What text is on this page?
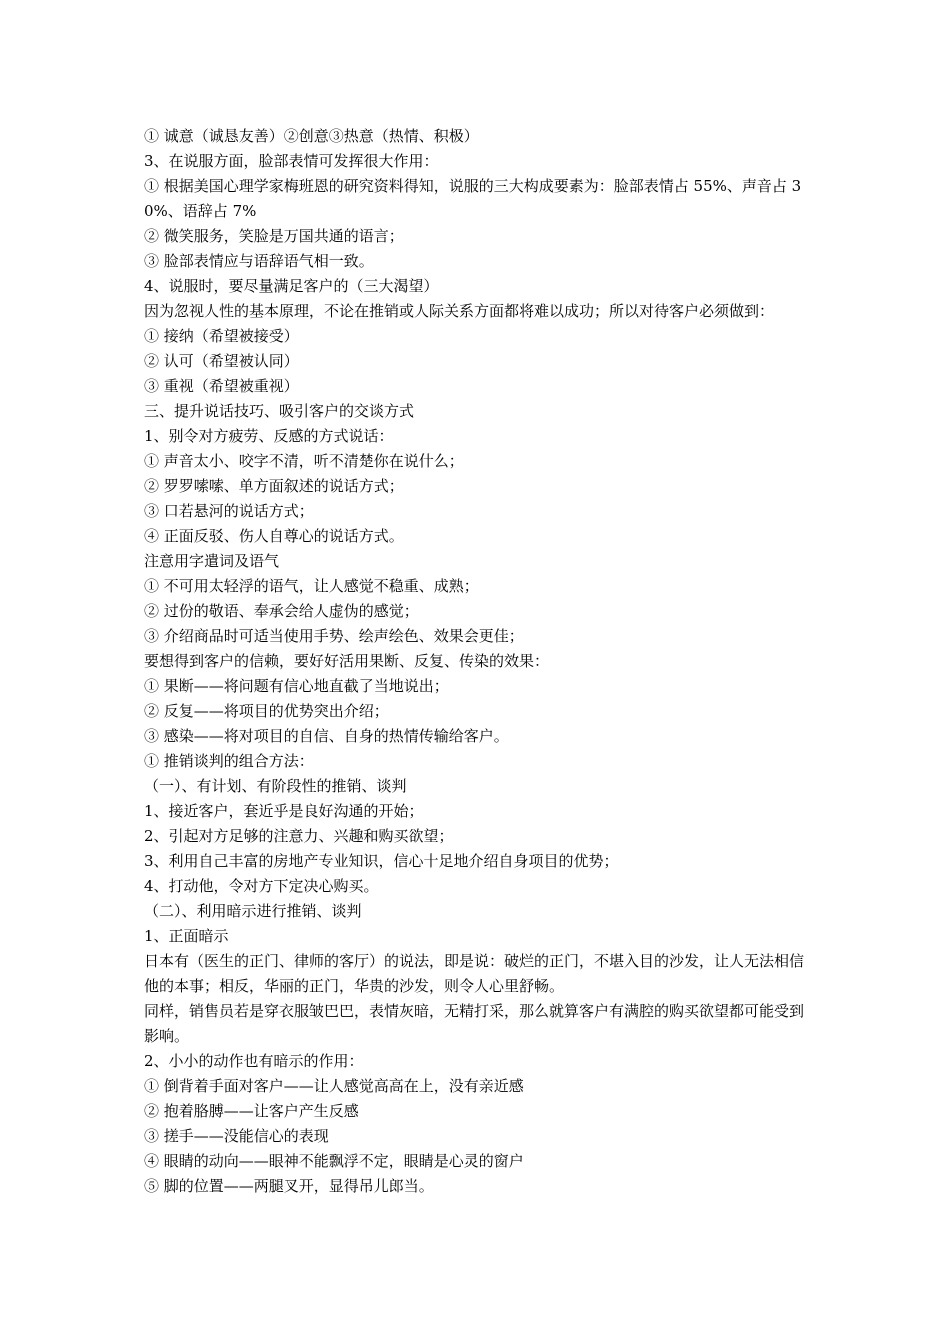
① 诚意（诚恳友善）②创意③热意（热情、积极）

3、在说服方面，脸部表情可发挥很大作用：

① 根据美国心理学家梅班恩的研究资料得知，说服的三大构成要素为：脸部表情占 55%、声音占 30%、语辞占 7%

② 微笑服务，笑脸是万国共通的语言；

③ 脸部表情应与语辞语气相一致。

4、说服时，要尽量满足客户的（三大渴望）

因为忽视人性的基本原理，不论在推销或人际关系方面都将难以成功；所以对待客户必须做到：

① 接纳（希望被接受）

② 认可（希望被认同）

③ 重视（希望被重视）

三、提升说话技巧、吸引客户的交谈方式

1、别令对方疲劳、反感的方式说话：

① 声音太小、咬字不清，听不清楚你在说什么；

② 罗罗嗦嗦、单方面叙述的说话方式；

③ 口若悬河的说话方式；

④ 正面反驳、伤人自尊心的说话方式。

注意用字遣词及语气

① 不可用太轻浮的语气，让人感觉不稳重、成熟；

② 过份的敬语、奉承会给人虚伪的感觉；

③ 介绍商品时可适当使用手势、绘声绘色、效果会更佳；

要想得到客户的信赖，要好好活用果断、反复、传染的效果：

① 果断——将问题有信心地直截了当地说出；

② 反复——将项目的优势突出介绍；

③ 感染——将对项目的自信、自身的热情传输给客户。

① 推销谈判的组合方法：

（一）、有计划、有阶段性的推销、谈判

1、接近客户，套近乎是良好沟通的开始；

2、引起对方足够的注意力、兴趣和购买欲望；

3、利用自己丰富的房地产专业知识，信心十足地介绍自身项目的优势；

4、打动他，令对方下定决心购买。

（二）、利用暗示进行推销、谈判

1、正面暗示

日本有（医生的正门、律师的客厅）的说法，即是说：破烂的正门，不堪入目的沙发，让人无法相信他的本事；相反，华丽的正门，华贵的沙发，则令人心里舒畅。

同样，销售员若是穿衣服皱巴巴，表情灰暗，无精打采，那么就算客户有满腔的购买欲望都可能受到影响。

2、小小的动作也有暗示的作用：

① 倒背着手面对客户——让人感觉高高在上，没有亲近感

② 抱着胳膊——让客户产生反感

③ 搓手——没能信心的表现

④ 眼睛的动向——眼神不能飘浮不定，眼睛是心灵的窗户

⑤ 脚的位置——两腿叉开，显得吊儿郎当。
